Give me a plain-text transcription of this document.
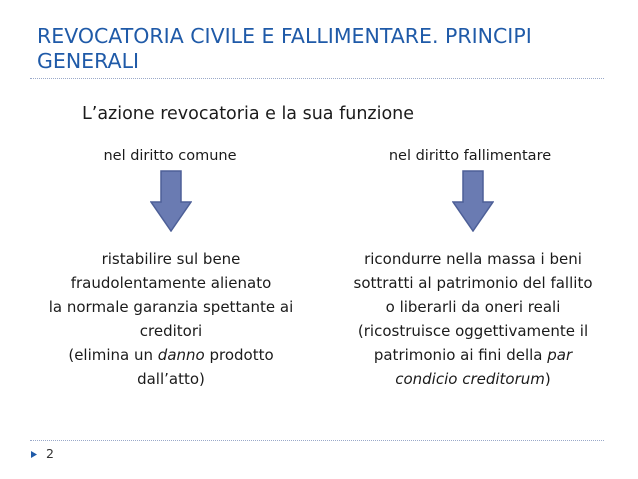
REVOCATORIA CIVILE E FALLIMENTARE. PRINCIPI GENERALI
L’azione revocatoria e la sua funzione
nel diritto comune

ristabilire sul bene

fraudolentamente alienato

la normale garanzia spettante ai

creditori

(elimina un danno prodotto

dall’atto)

nel diritto fallimentare

ricondurre nella massa i beni

sottratti al patrimonio del fallito

o liberarli da oneri reali

(ricostruisce oggettivamente il

patrimonio ai fini della par

condicio creditorum)

2
